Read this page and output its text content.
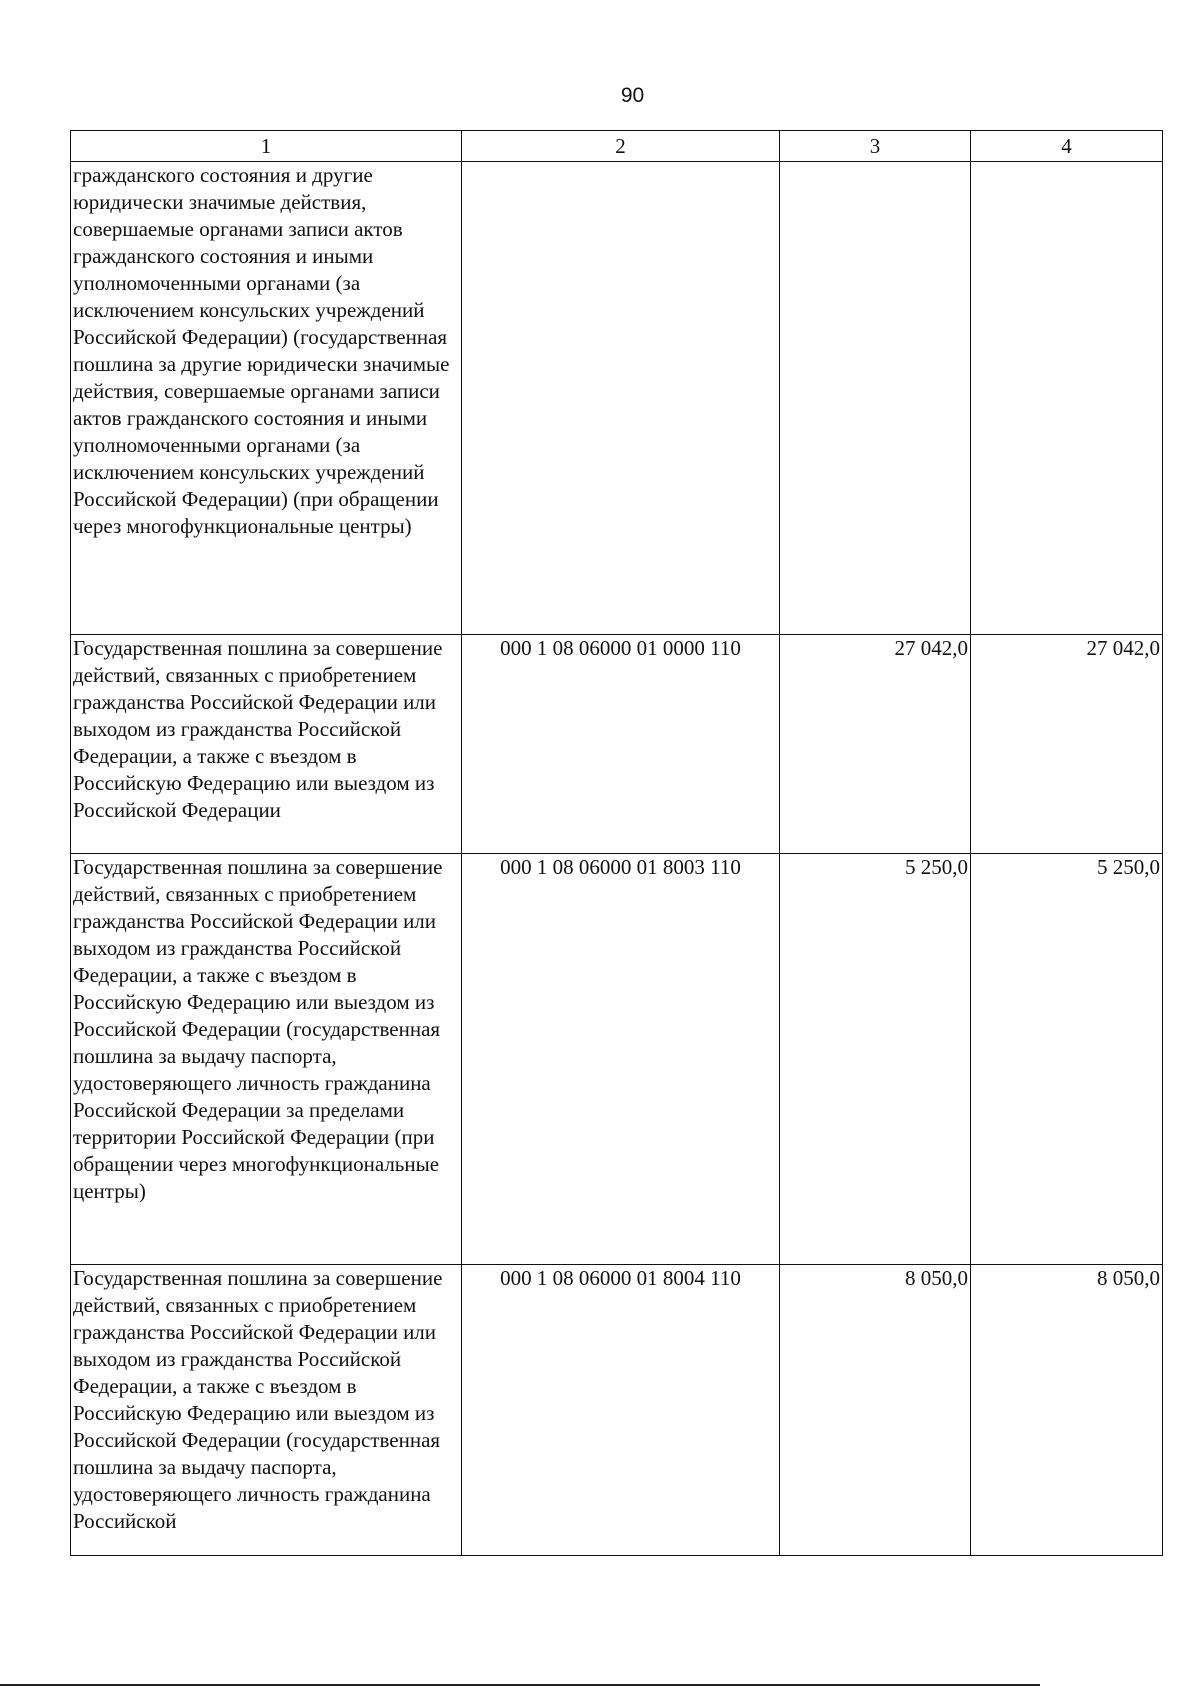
90
1	2	3	4
гражданского состояния и другие юридически значимые действия, совершаемые органами записи актов гражданского состояния и иными уполномоченными органами (за исключением консульских учреждений Российской Федерации) (государственная пошлина за другие юридически значимые действия, совершаемые органами записи актов гражданского состояния и иными уполномоченными органами (за исключением консульских учреждений Российской Федерации) (при обращении через многофункциональные центры)			
Государственная пошлина за совершение действий, связанных с приобретением гражданства Российской Федерации или выходом из гражданства Российской Федерации, а также с въездом в Российскую Федерацию или выездом из Российской Федерации	000 1 08 06000 01 0000 110	27 042,0	27 042,0
Государственная пошлина за совершение действий, связанных с приобретением гражданства Российской Федерации или выходом из гражданства Российской Федерации, а также с въездом в Российскую Федерацию или выездом из Российской Федерации (государственная пошлина за выдачу паспорта, удостоверяющего личность гражданина Российской Федерации за пределами территории Российской Федерации (при обращении через многофункциональные центры)	000 1 08 06000 01 8003 110	5 250,0	5 250,0
Государственная пошлина за совершение действий, связанных с приобретением гражданства Российской Федерации или выходом из гражданства Российской Федерации, а также с въездом в Российскую Федерацию или выездом из Российской Федерации (государственная пошлина за выдачу паспорта, удостоверяющего личность гражданина Российской	000 1 08 06000 01 8004 110	8 050,0	8 050,0
